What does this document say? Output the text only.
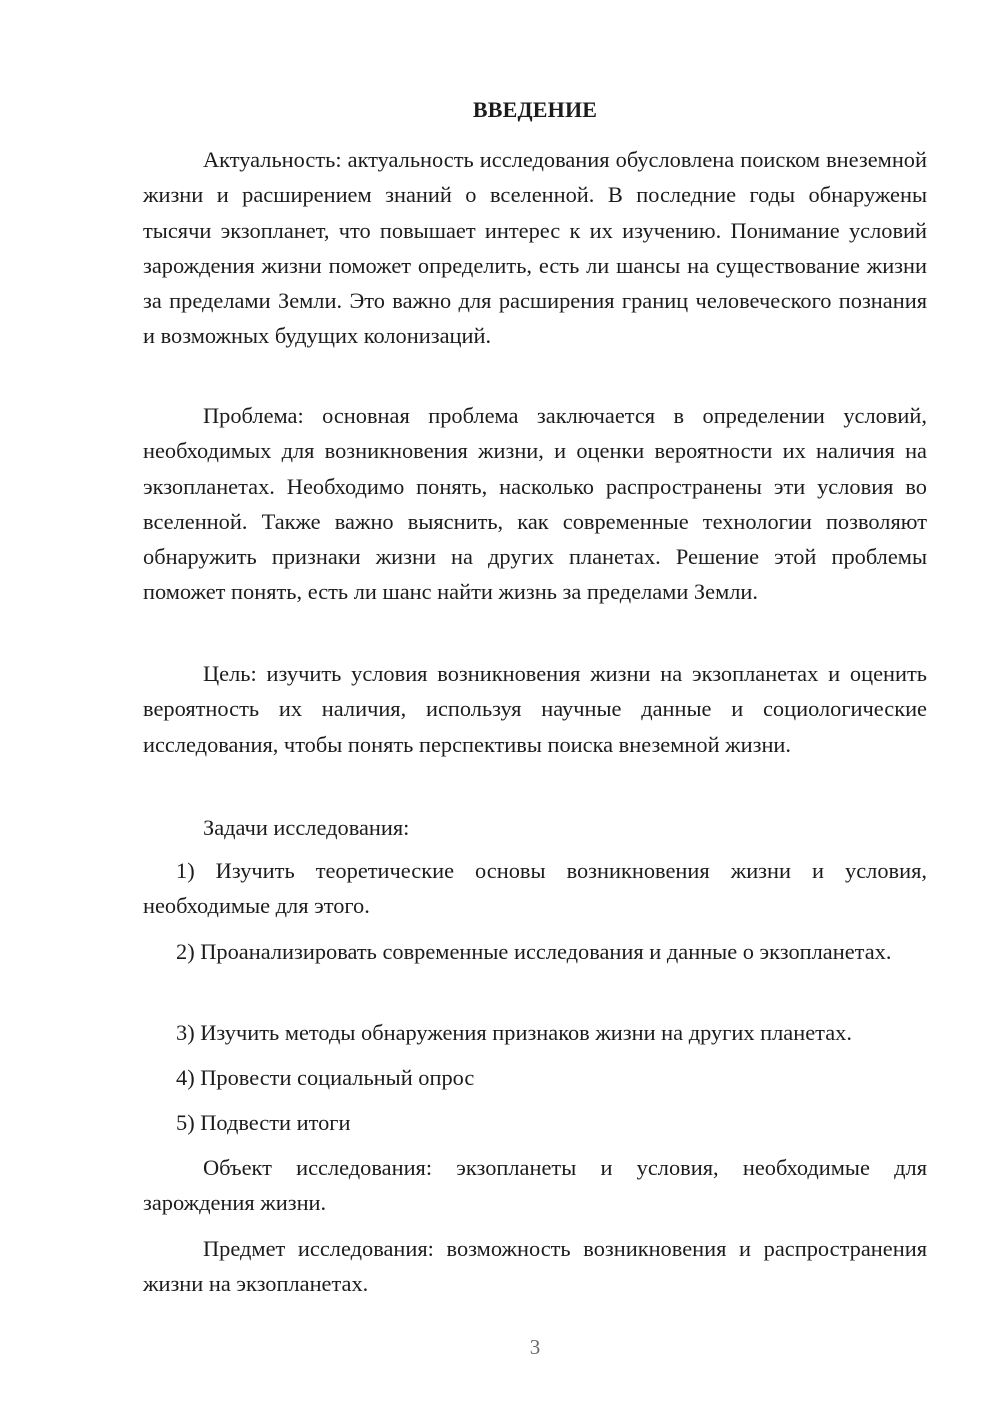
ВВЕДЕНИЕ

Актуальность: актуальность исследования обусловлена поиском внеземной жизни и расширением знаний о вселенной. В последние годы обнаружены тысячи экзопланет, что повышает интерес к их изучению. Понимание условий зарождения жизни поможет определить, есть ли шансы на существование жизни за пределами Земли. Это важно для расширения границ человеческого познания и возможных будущих колонизаций.

Проблема: основная проблема заключается в определении условий, необходимых для возникновения жизни, и оценки вероятности их наличия на экзопланетах. Необходимо понять, насколько распространены эти условия во вселенной. Также важно выяснить, как современные технологии позволяют обнаружить признаки жизни на других планетах. Решение этой проблемы поможет понять, есть ли шанс найти жизнь за пределами Земли.

Цель: изучить условия возникновения жизни на экзопланетах и оценить вероятность их наличия, используя научные данные и социологические исследования, чтобы понять перспективы поиска внеземной жизни.

Задачи исследования:

1) Изучить теоретические основы возникновения жизни и условия, необходимые для этого.

2) Проанализировать современные исследования и данные о экзопланетах.

3) Изучить методы обнаружения признаков жизни на других планетах.

4) Провести социальный опрос

5) Подвести итоги

Объект исследования: экзопланеты и условия, необходимые для зарождения жизни.

Предмет исследования: возможность возникновения и распространения жизни на экзопланетах.

3
